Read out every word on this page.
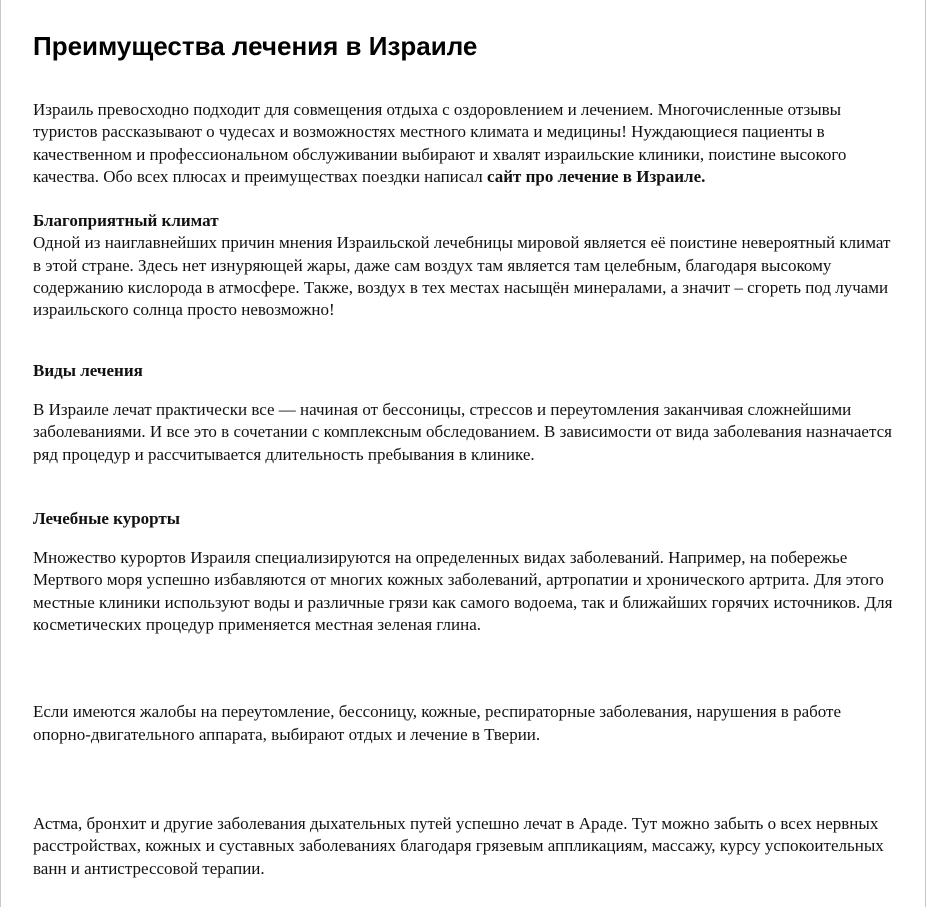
Преимущества лечения в Израиле

Израиль превосходно подходит для совмещения отдыха с оздоровлением и лечением. Многочисленные отзывы туристов рассказывают о чудесах и возможностях местного климата и медицины! Нуждающиеся пациенты в качественном и профессиональном обслуживании выбирают и хвалят израильские клиники, поистине высокого качества. Обо всех плюсах и преимуществах поездки написал сайт про лечение в Израиле.

Благоприятный климат

Одной из наиглавнейших причин мнения Израильской лечебницы мировой является её поистине невероятный климат в этой стране. Здесь нет изнуряющей жары, даже сам воздух там является там целебным, благодаря высокому содержанию кислорода в атмосфере. Также, воздух в тех местах насыщён минералами, а значит – сгореть под лучами израильского солнца просто невозможно!

Виды лечения

В Израиле лечат практически все — начиная от бессоницы, стрессов и переутомления заканчивая сложнейшими заболеваниями. И все это в сочетании с комплексным обследованием. В зависимости от вида заболевания назначается ряд процедур и рассчитывается длительность пребывания в клинике.

Лечебные курорты

Множество курортов Израиля специализируются на определенных видах заболеваний. Например, на побережье Мертвого моря успешно избавляются от многих кожных заболеваний, артропатии и хронического артрита. Для этого местные клиники используют воды и различные грязи как самого водоема, так и ближайших горячих источников. Для косметических процедур применяется местная зеленая глина.

Если имеются жалобы на переутомление, бессоницу, кожные, респираторные заболевания, нарушения в работе опорно-двигательного аппарата, выбирают отдых и лечение в Тверии.

Астма, бронхит и другие заболевания дыхательных путей успешно лечат в Араде. Тут можно забыть о всех нервных расстройствах, кожных и суставных заболеваниях благодаря грязевым аппликациям, массажу, курсу успокоительных ванн и антистрессовой терапии.
